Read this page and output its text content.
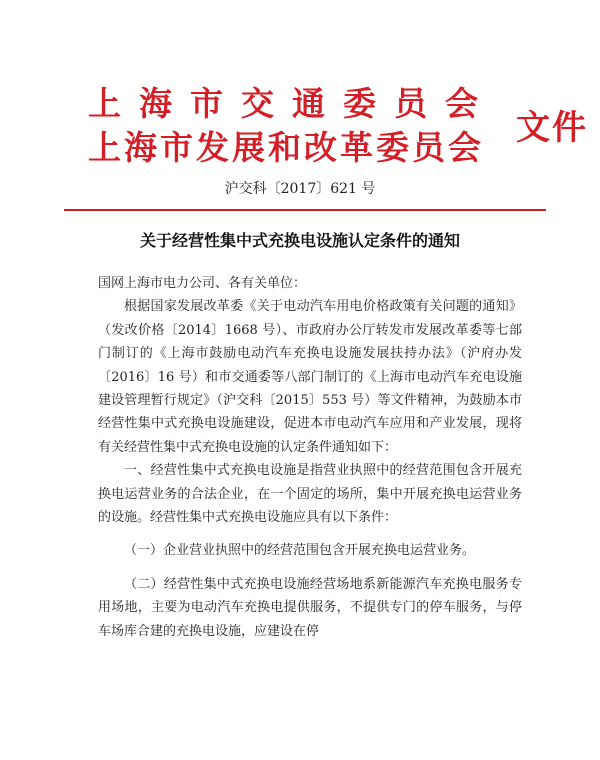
上海市交通委员会
上海市发展和改革委员会 文件
沪交科〔2017〕621 号
关于经营性集中式充换电设施认定条件的通知

国网上海市电力公司、各有关单位：

根据国家发展改革委《关于电动汽车用电价格政策有关问题的通知》（发改价格〔2014〕1668 号）、市政府办公厅转发市发展改革委等七部门制订的《上海市鼓励电动汽车充换电设施发展扶持办法》（沪府办发〔2016〕16 号）和市交通委等八部门制订的《上海市电动汽车充电设施建设管理暂行规定》（沪交科〔2015〕553 号）等文件精神，为鼓励本市经营性集中式充换电设施建设，促进本市电动汽车应用和产业发展，现将有关经营性集中式充换电设施的认定条件通知如下：

一、经营性集中式充换电设施是指营业执照中的经营范围包含开展充换电运营业务的合法企业，在一个固定的场所，集中开展充换电运营业务的设施。经营性集中式充换电设施应具有以下条件：

（一）企业营业执照中的经营范围包含开展充换电运营业务。

（二）经营性集中式充换电设施经营场地系新能源汽车充换电服务专用场地，主要为电动汽车充换电提供服务，不提供专门的停车服务，与停车场库合建的充换电设施，应建设在停
